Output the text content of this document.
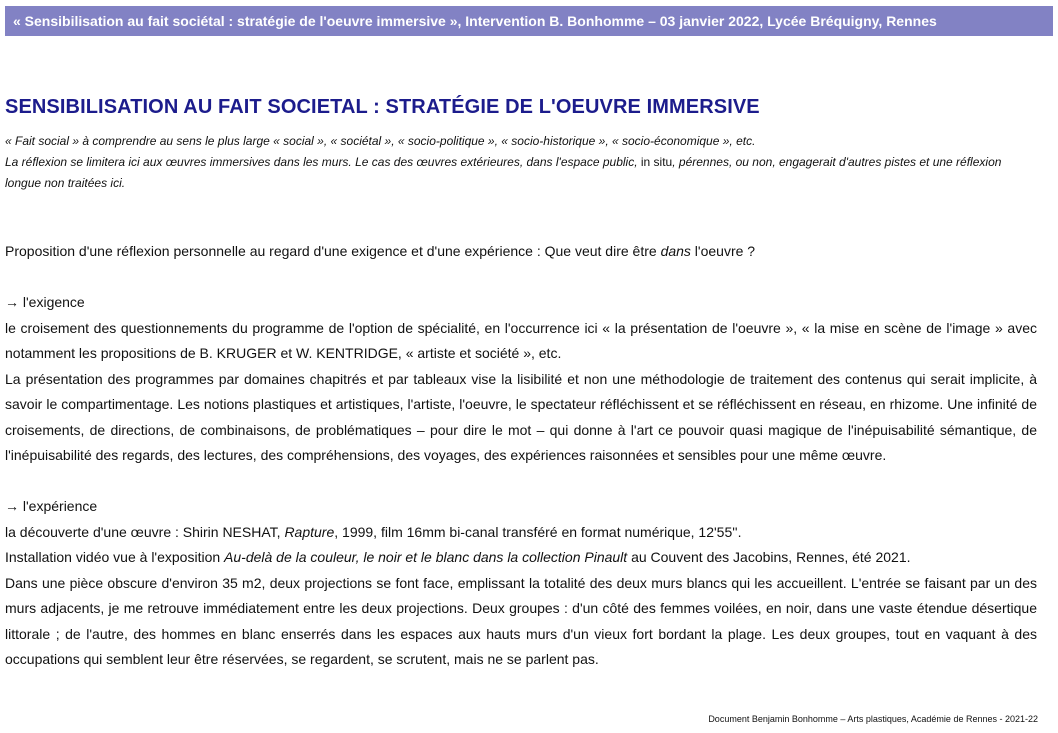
« Sensibilisation au fait sociétal : stratégie de l'oeuvre immersive », Intervention B. Bonhomme – 03 janvier 2022, Lycée Bréquigny, Rennes
SENSIBILISATION AU FAIT SOCIETAL : STRATÉGIE DE L'OEUVRE IMMERSIVE

« Fait social » à comprendre au sens le plus large « social », « sociétal », « socio-politique », « socio-historique », « socio-économique », etc.

La réflexion se limitera ici aux œuvres immersives dans les murs. Le cas des œuvres extérieures, dans l'espace public, in situ, pérennes, ou non, engagerait d'autres pistes et une réflexion longue non traitées ici.

Proposition d'une réflexion personnelle au regard d'une exigence et d'une expérience : Que veut dire être dans l'oeuvre ?

→ l'exigence

le croisement des questionnements du programme de l'option de spécialité, en l'occurrence ici « la présentation de l'oeuvre », « la mise en scène de l'image » avec notamment les propositions de B. KRUGER et W. KENTRIDGE, « artiste et société », etc.

La présentation des programmes par domaines chapitrés et par tableaux vise la lisibilité et non une méthodologie de traitement des contenus qui serait implicite, à savoir le compartimentage. Les notions plastiques et artistiques, l'artiste, l'oeuvre, le spectateur réfléchissent et se réfléchissent en réseau, en rhizome. Une infinité de croisements, de directions, de combinaisons, de problématiques – pour dire le mot – qui donne à l'art ce pouvoir quasi magique de l'inépuisabilité sémantique, de l'inépuisabilité des regards, des lectures, des compréhensions, des voyages, des expériences raisonnées et sensibles pour une même œuvre.

→ l'expérience

la découverte d'une œuvre : Shirin NESHAT, Rapture, 1999, film 16mm bi-canal transféré en format numérique, 12'55''.

Installation vidéo vue à l'exposition Au-delà de la couleur, le noir et le blanc dans la collection Pinault au Couvent des Jacobins, Rennes, été 2021.

Dans une pièce obscure d'environ 35 m2, deux projections se font face, emplissant la totalité des deux murs blancs qui les accueillent. L'entrée se faisant par un des murs adjacents, je me retrouve immédiatement entre les deux projections. Deux groupes : d'un côté des femmes voilées, en noir, dans une vaste étendue désertique littorale ; de l'autre, des hommes en blanc enserrés dans les espaces aux hauts murs d'un vieux fort bordant la plage. Les deux groupes, tout en vaquant à des occupations qui semblent leur être réservées, se regardent, se scrutent, mais ne se parlent pas.

Document Benjamin Bonhomme – Arts plastiques, Académie de Rennes - 2021-22
